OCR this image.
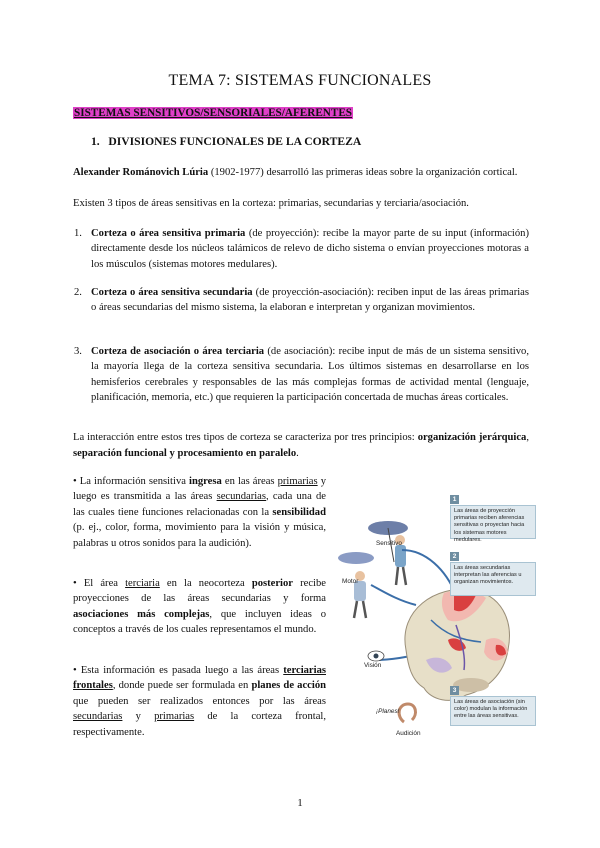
TEMA 7: SISTEMAS FUNCIONALES
SISTEMAS SENSITIVOS/SENSORIALES/AFERENTES
1. DIVISIONES FUNCIONALES DE LA CORTEZA
Alexander Románovich Lúria (1902-1977) desarrolló las primeras ideas sobre la organización cortical.
Existen 3 tipos de áreas sensitivas en la corteza: primarias, secundarias y terciaria/asociación.
1. Corteza o área sensitiva primaria (de proyección): recibe la mayor parte de su input (información) directamente desde los núcleos talámicos de relevo de dicho sistema o envían proyecciones motoras a los músculos (sistemas motores medulares).
2. Corteza o área sensitiva secundaria (de proyección-asociación): reciben input de las áreas primarias o áreas secundarias del mismo sistema, la elaboran e interpretan y organizan movimientos.
3. Corteza de asociación o área terciaria (de asociación): recibe input de más de un sistema sensitivo, la mayoría llega de la corteza sensitiva secundaria. Los últimos sistemas en desarrollarse en los hemisferios cerebrales y responsables de las más complejas formas de actividad mental (lenguaje, planificación, memoria, etc.) que requieren la participación concertada de muchas áreas corticales.
La interacción entre estos tres tipos de corteza se caracteriza por tres principios: organización jerárquica, separación funcional y procesamiento en paralelo.
• La información sensitiva ingresa en las áreas primarias y luego es transmitida a las áreas secundarias, cada una de las cuales tiene funciones relacionadas con la sensibilidad (p. ej., color, forma, movimiento para la visión y música, palabras u otros sonidos para la audición).
• El área terciaria en la neocorteza posterior recibe proyecciones de las áreas secundarias y forma asociaciones más complejas, que incluyen ideas o conceptos a través de los cuales representamos el mundo.
• Esta información es pasada luego a las áreas terciarias frontales, donde puede ser formulada en planes de acción que pueden ser realizados entonces por las áreas secundarias y primarias de la corteza frontal, respectivamente.
Sensitivo
Motor
Visión
Audición
¡Planes!
1
Las áreas de proyección primarias reciben aferencias sensitivas o proyectan hacia los sistemas motores medulares.
2
Las áreas secundarias interpretan las aferencias u organizan movimientos.
3
Las áreas de asociación (sin color) modulan la información entre las áreas sensitivas.
1
